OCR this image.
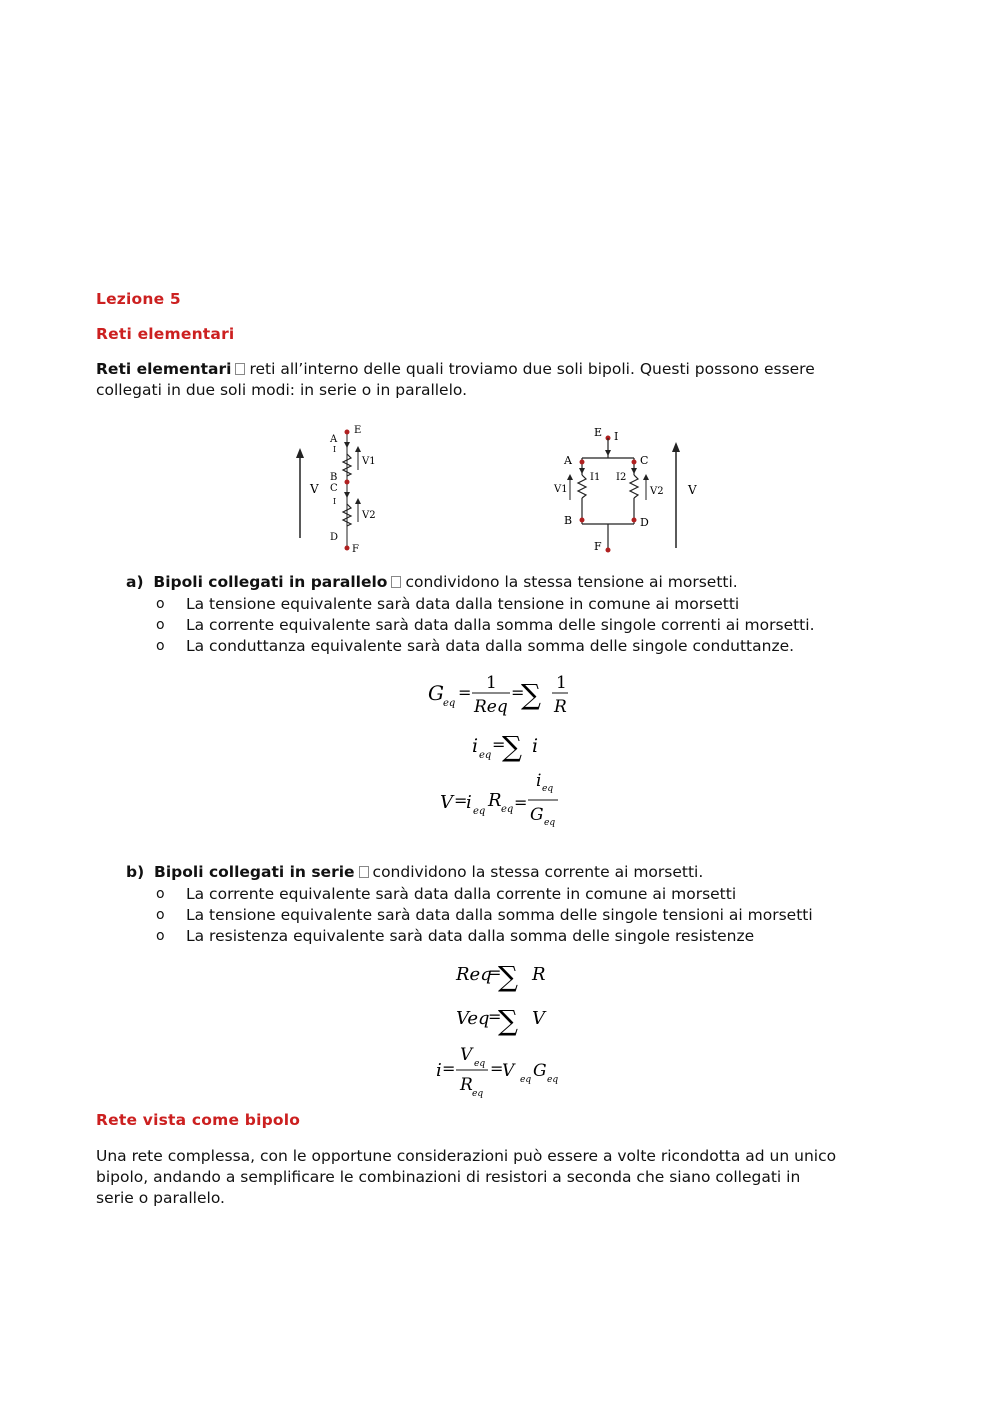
Lezione 5

Reti elementari

Reti elementari reti all’interno delle quali troviamo due soli bipoli. Questi possono essere
collegati in due soli modi: in serie o in parallelo.

V
A
E
I
V1
B
C
I
V2
D
F
E I
A	C
I1 I2
V1	V2 V
B	D
F

a) Bipoli collegati in parallelo condividono la stessa tensione ai morsetti.

o La tensione equivalente sarà data dalla tensione in comune ai morsetti

o La corrente equivalente sarà data dalla somma delle singole correnti ai morsetti.

o La conduttanza equivalente sarà data dalla somma delle singole conduttanze.

G eq
= 1
Req
=
∑ 1
R
i eq
=
∑ i
V =
i eq
R eq =
i eq
G eq

b) Bipoli collegati in serie condividono la stessa corrente ai morsetti.

o La corrente equivalente sarà data dalla corrente in comune ai morsetti

o La tensione equivalente sarà data dalla somma delle singole tensioni ai morsetti

o La resistenza equivalente sarà data dalla somma delle singole resistenze

Req
=
∑ R
Veq
=
∑ V
i =
V eq
R eq
=
V eq G eq

Rete vista come bipolo

Una rete complessa, con le opportune considerazioni può essere a volte ricondotta ad un unico
bipolo, andando a semplificare le combinazioni di resistori a seconda che siano collegati in
serie o parallelo.
